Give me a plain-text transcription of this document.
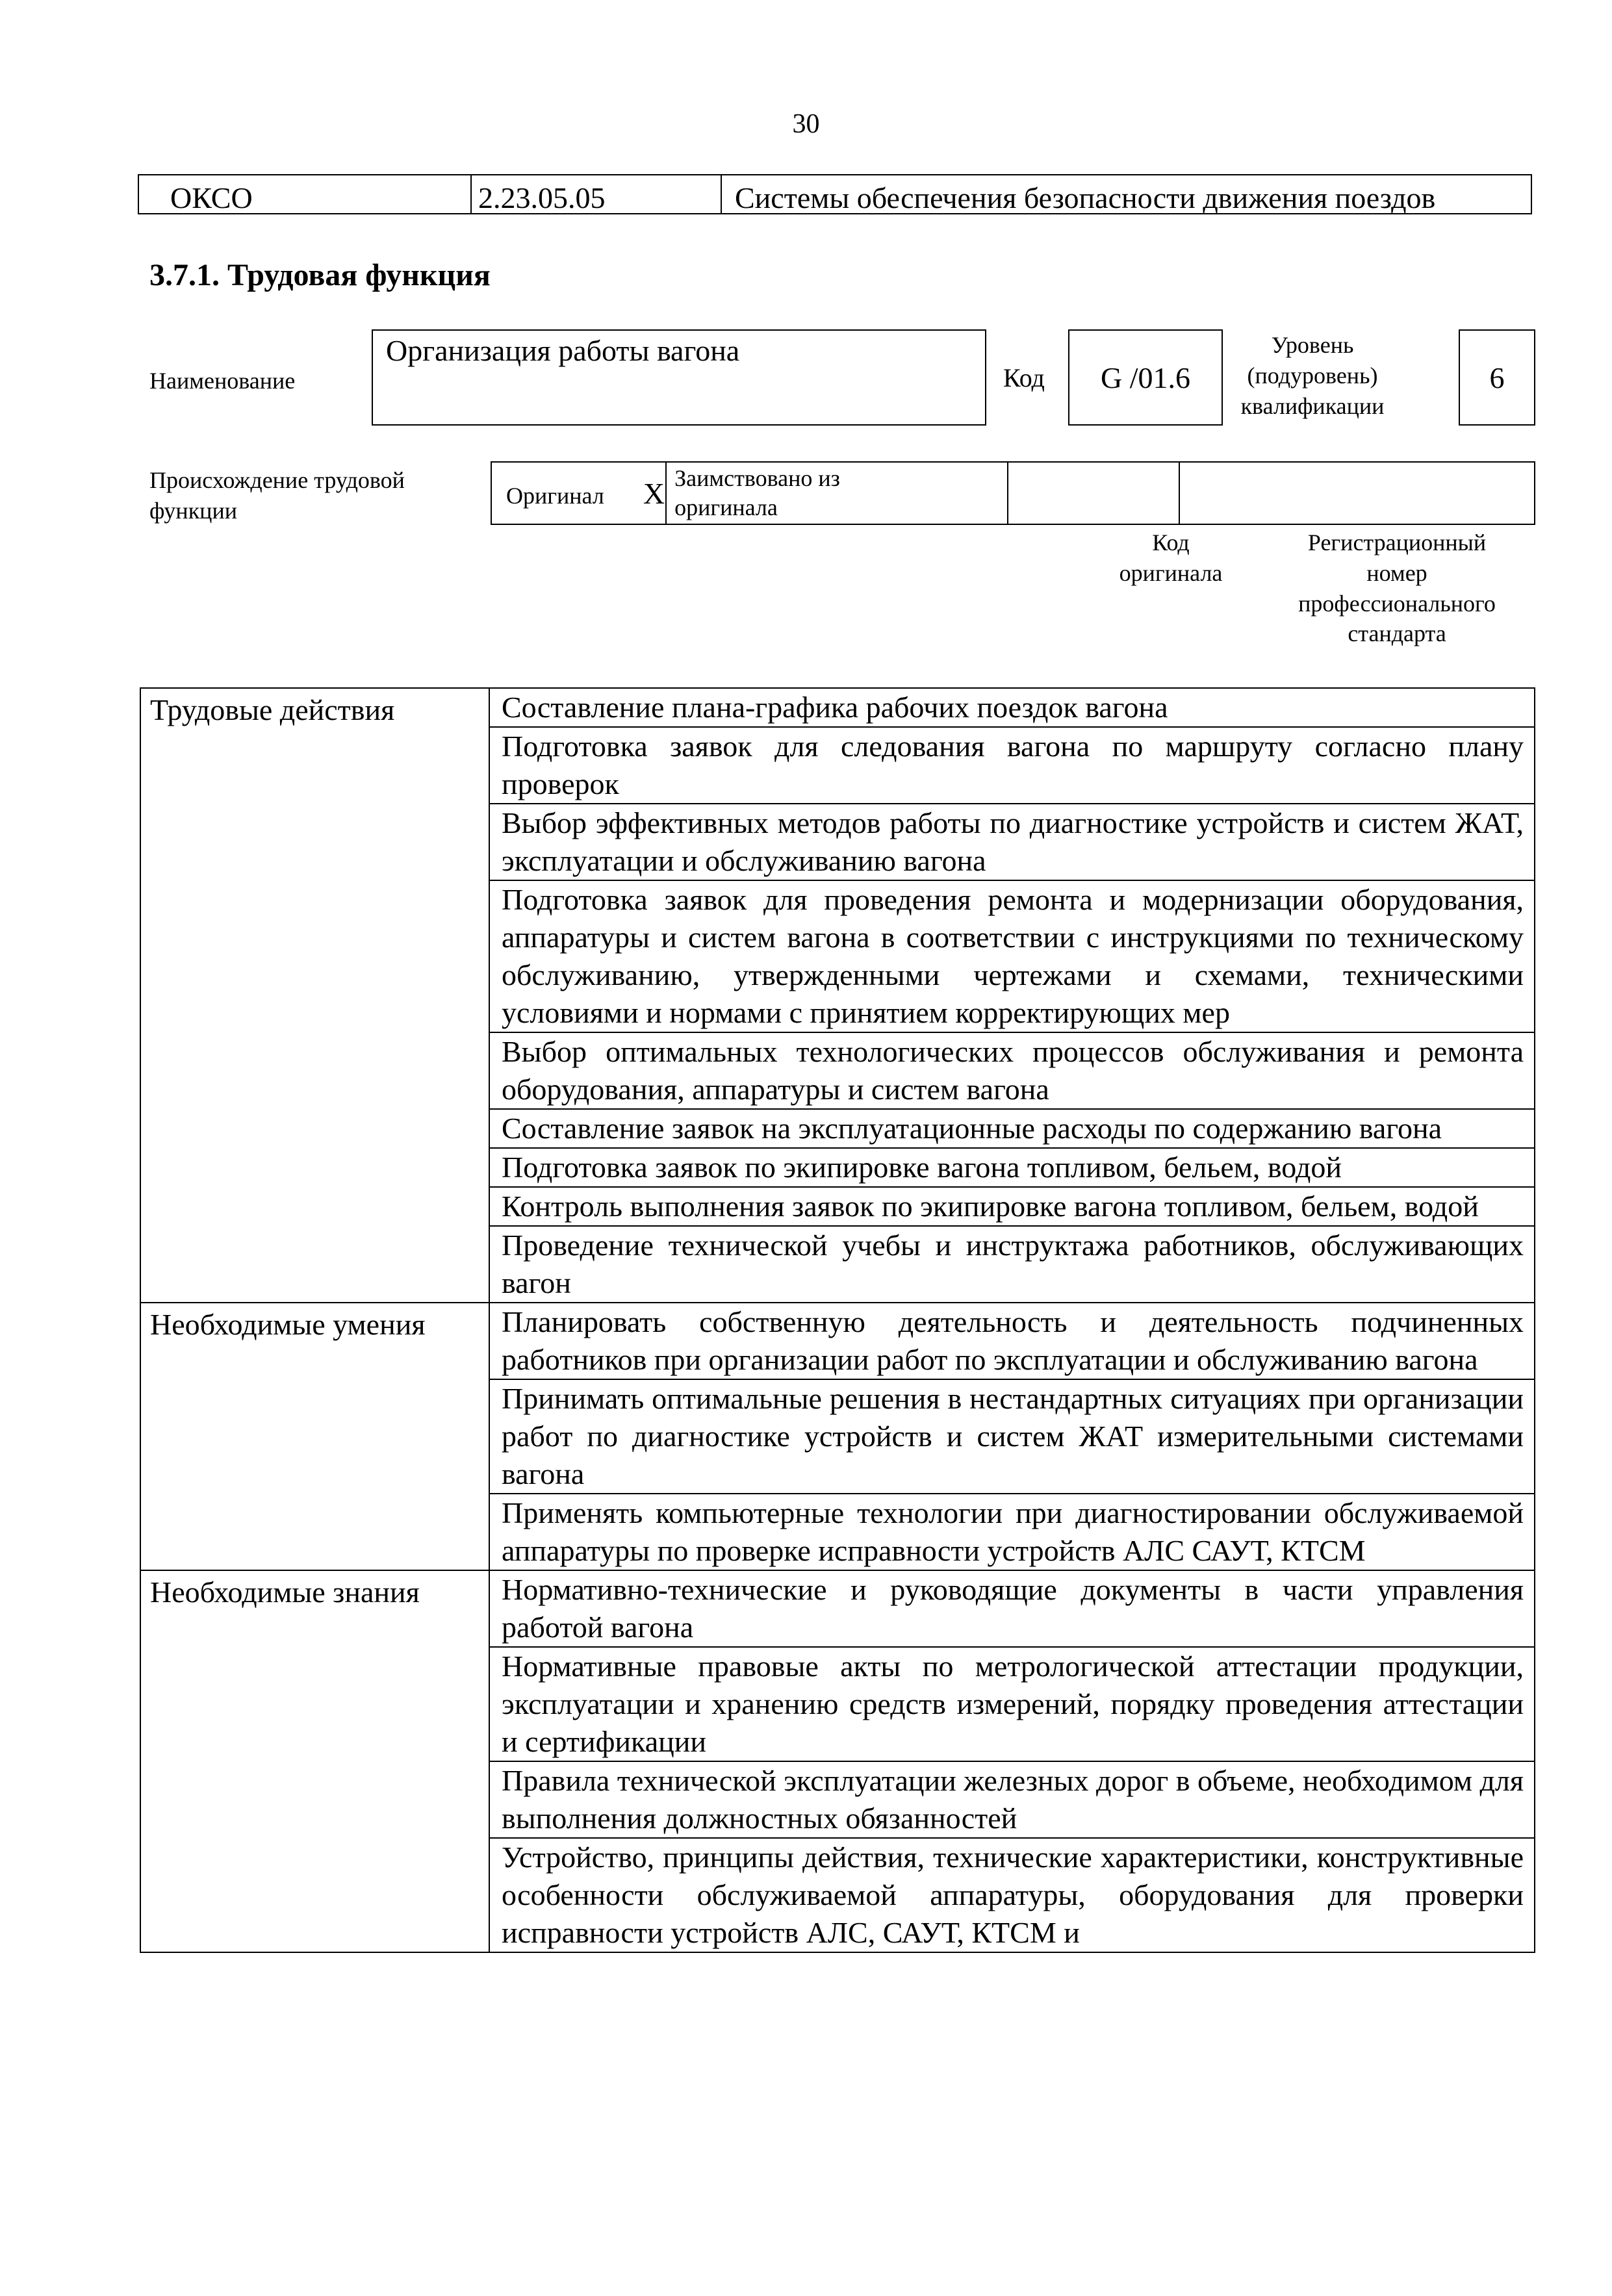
30
ОКСО	2.23.05.05	Системы обеспечения безопасности движения поездов
3.7.1. Трудовая функция
Наименование
Организация работы вагона
Код	G /01.6
Уровень
(подуровень)
квалификации
6
Происхождение трудовой
функции
Оригинал X	Заимствовано из
оригинала

Код
оригинала
Регистрационный
номер
профессионального
стандарта
Трудовые действия	Составление плана-графика рабочих поездок вагона
	Подготовка заявок для следования вагона по маршруту согласно плану проверок
	Выбор эффективных методов работы по диагностике устройств и систем ЖАТ, эксплуатации и обслуживанию вагона
	Подготовка заявок для проведения ремонта и модернизации оборудования, аппаратуры и систем вагона в соответствии с инструкциями по техническому обслуживанию, утвержденными чертежами и схемами, техническими условиями и нормами с принятием корректирующих мер
	Выбор оптимальных технологических процессов обслуживания и ремонта оборудования, аппаратуры и систем вагона
	Составление заявок на эксплуатационные расходы по содержанию вагона
	Подготовка заявок по экипировке вагона топливом, бельем, водой
	Контроль выполнения заявок по экипировке вагона топливом, бельем, водой
	Проведение технической учебы и инструктажа работников, обслуживающих вагон
Необходимые умения	Планировать собственную деятельность и деятельность подчиненных работников при организации работ по эксплуатации и обслуживанию вагона
	Принимать оптимальные решения в нестандартных ситуациях при организации работ по диагностике устройств и систем ЖАТ измерительными системами вагона
	Применять компьютерные технологии при диагностировании обслуживаемой аппаратуры по проверке исправности устройств АЛС САУТ, КТСМ
Необходимые знания	Нормативно-технические и руководящие документы в части управления работой вагона
	Нормативные правовые акты по метрологической аттестации продукции, эксплуатации и хранению средств измерений, порядку проведения аттестации и сертификации
	Правила технической эксплуатации железных дорог в объеме, необходимом для выполнения должностных обязанностей
	Устройство, принципы действия, технические характеристики, конструктивные особенности обслуживаемой аппаратуры, оборудования для проверки исправности устройств АЛС, САУТ, КТСМ и
